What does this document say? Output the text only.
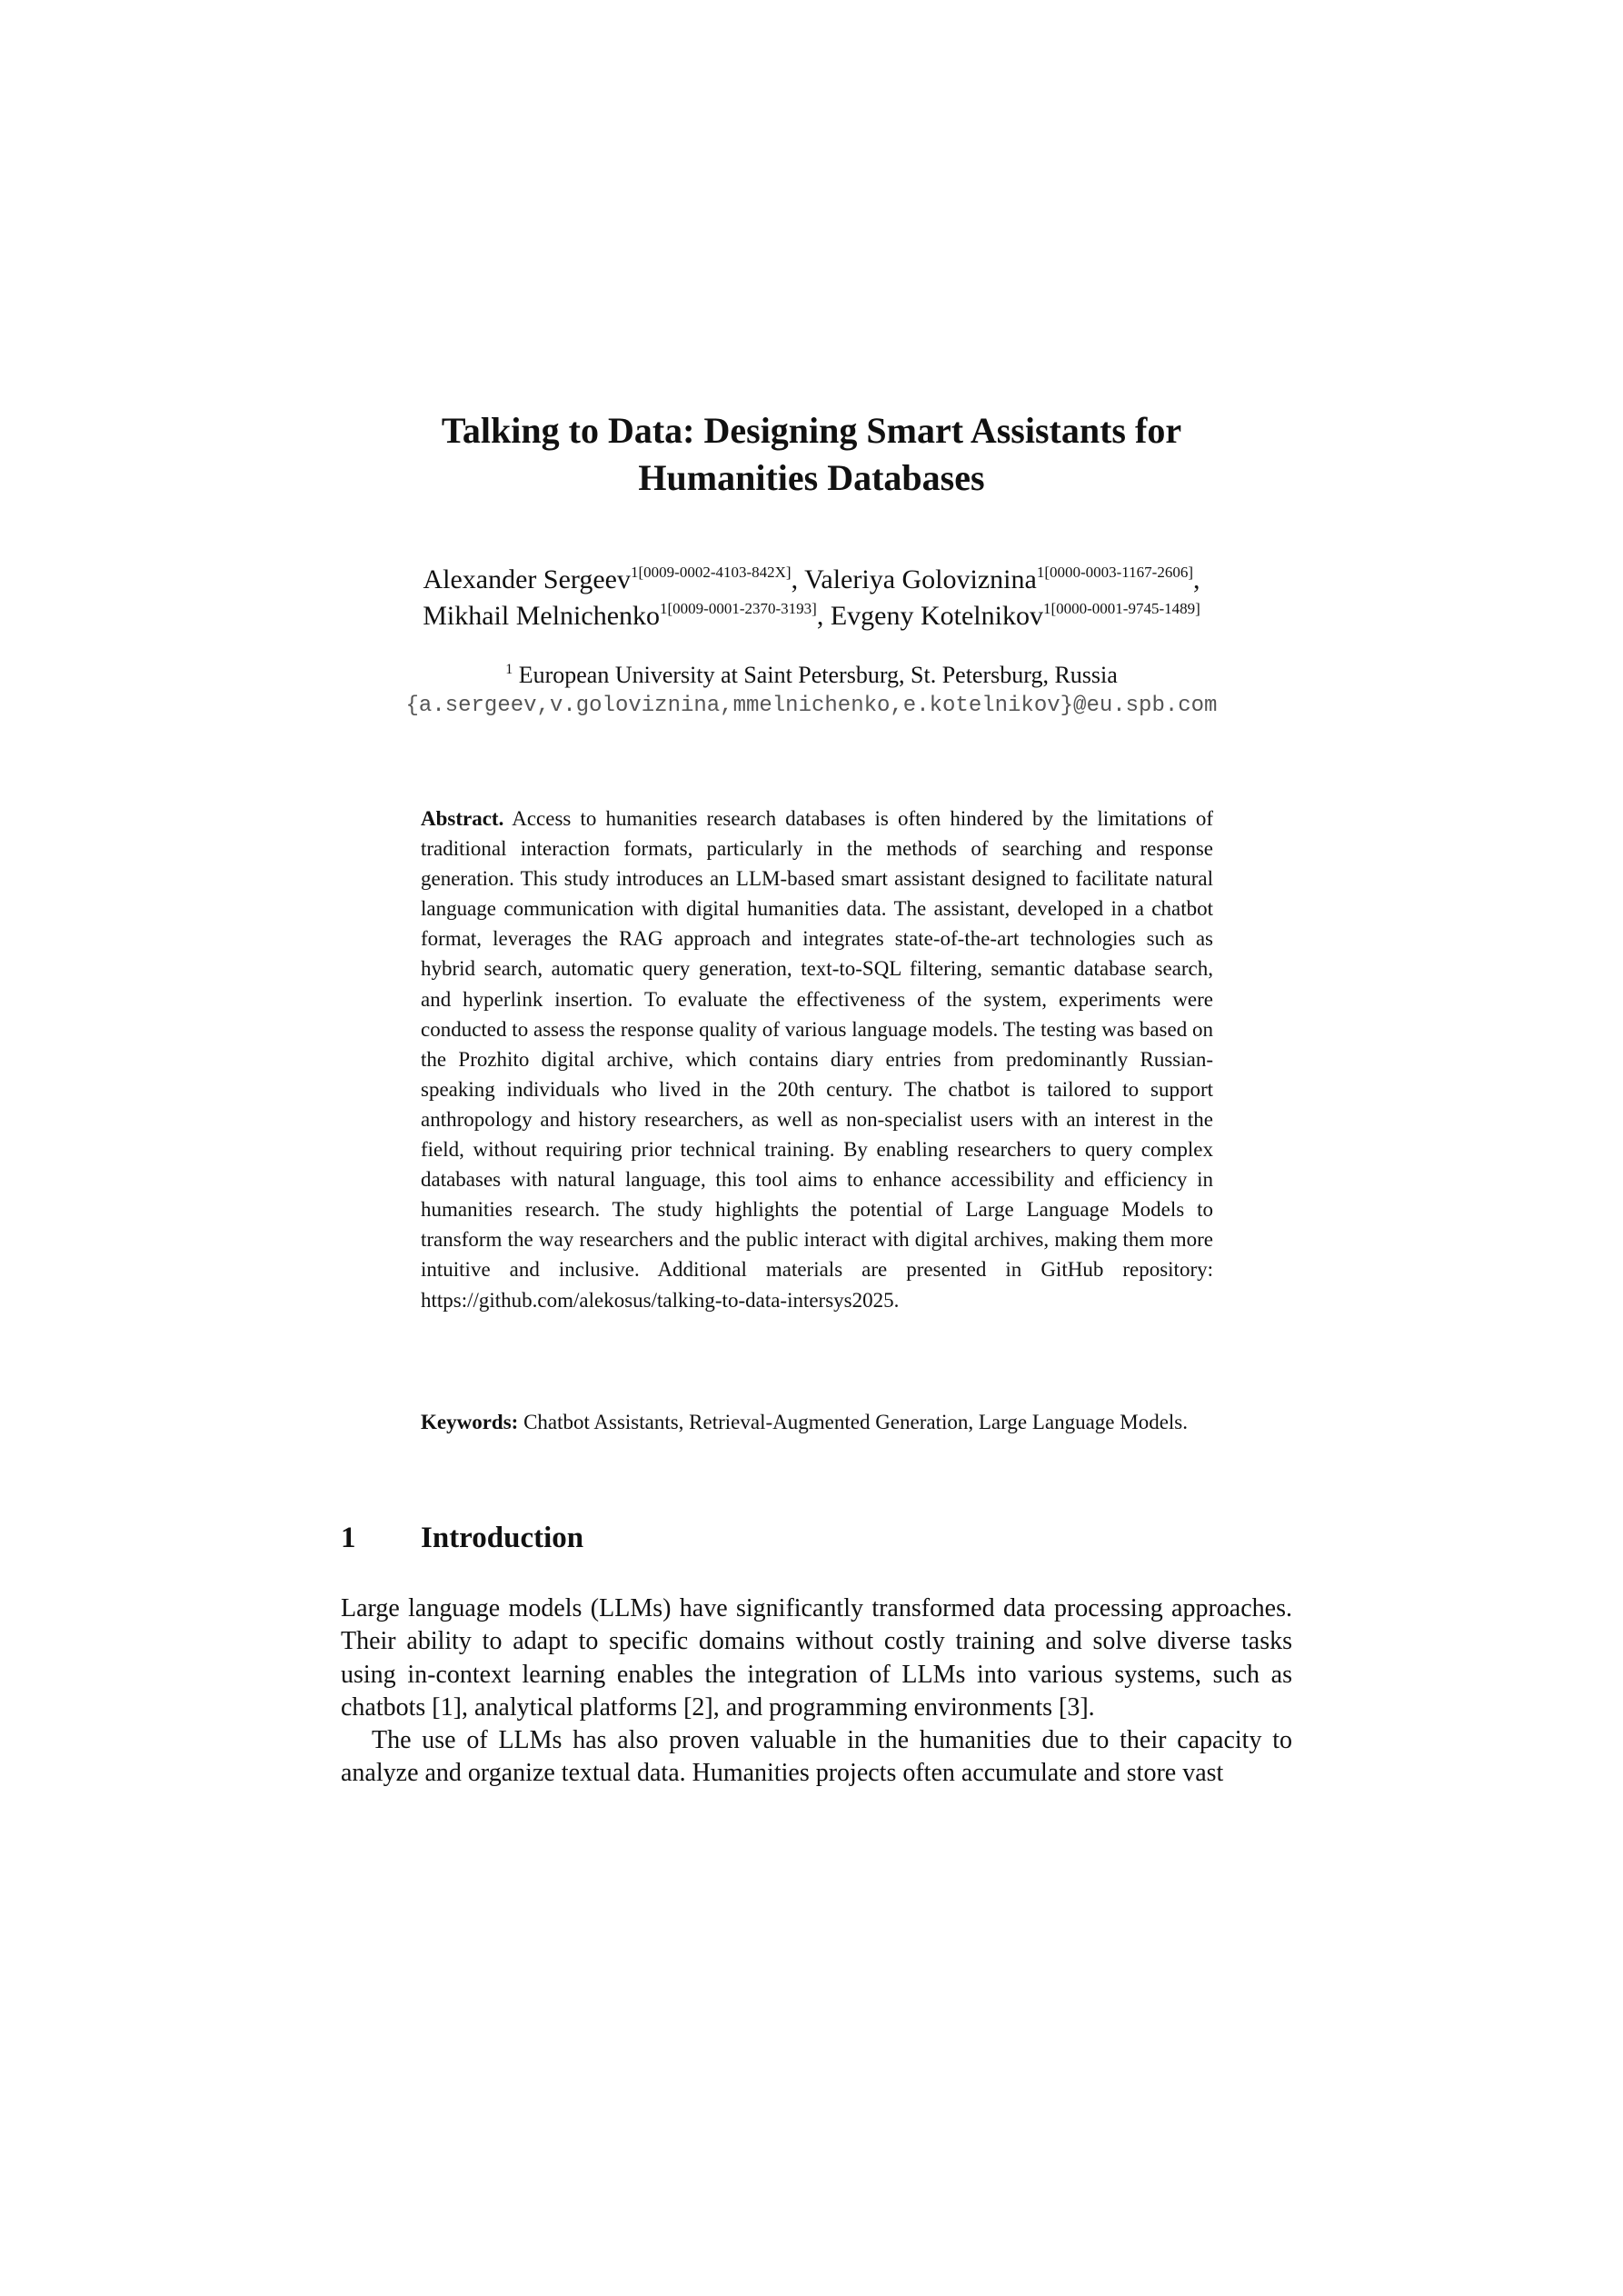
Talking to Data: Designing Smart Assistants for
Humanities Databases
Alexander Sergeev$^{1[0009-0002-4103-842X]}$, Valeriya Goloviznina$^{1[0000-0003-1167-2606]}$,
Mikhail Melnichenko$^{1[0009-0001-2370-3193]}$, Evgeny Kotelnikov$^{1[0000-0001-9745-1489]}$
$^1$ European University at Saint Petersburg, St. Petersburg, Russia
{a.sergeev,v.goloviznina,mmelnichenko,e.kotelnikov}@eu.spb.com
Abstract. Access to humanities research databases is often hindered by the limitations of traditional interaction formats, particularly in the methods of searching and response generation. This study introduces an LLM-based smart assistant designed to facilitate natural language communication with digital humanities data. The assistant, developed in a chatbot format, leverages the RAG approach and integrates state-of-the-art technologies such as hybrid search, automatic query generation, text-to-SQL filtering, semantic database search, and hyperlink insertion. To evaluate the effectiveness of the system, experiments were conducted to assess the response quality of various language models. The testing was based on the Prozhito digital archive, which contains diary entries from predominantly Russian-speaking individuals who lived in the 20th century. The chatbot is tailored to support anthropology and history researchers, as well as non-specialist users with an interest in the field, without requiring prior technical training. By enabling researchers to query complex databases with natural language, this tool aims to enhance accessibility and efficiency in humanities research. The study highlights the potential of Large Language Models to transform the way researchers and the public interact with digital archives, making them more intuitive and inclusive. Additional materials are presented in GitHub repository: https://github.com/alekosus/talking-to-data-intersys2025.
Keywords: Chatbot Assistants, Retrieval-Augmented Generation, Large Language Models.
1 Introduction

Large language models (LLMs) have significantly transformed data processing approaches. Their ability to adapt to specific domains without costly training and solve diverse tasks using in-context learning enables the integration of LLMs into various systems, such as chatbots [1], analytical platforms [2], and programming environments [3].

The use of LLMs has also proven valuable in the humanities due to their capacity to analyze and organize textual data. Humanities projects often accumulate and store vast
